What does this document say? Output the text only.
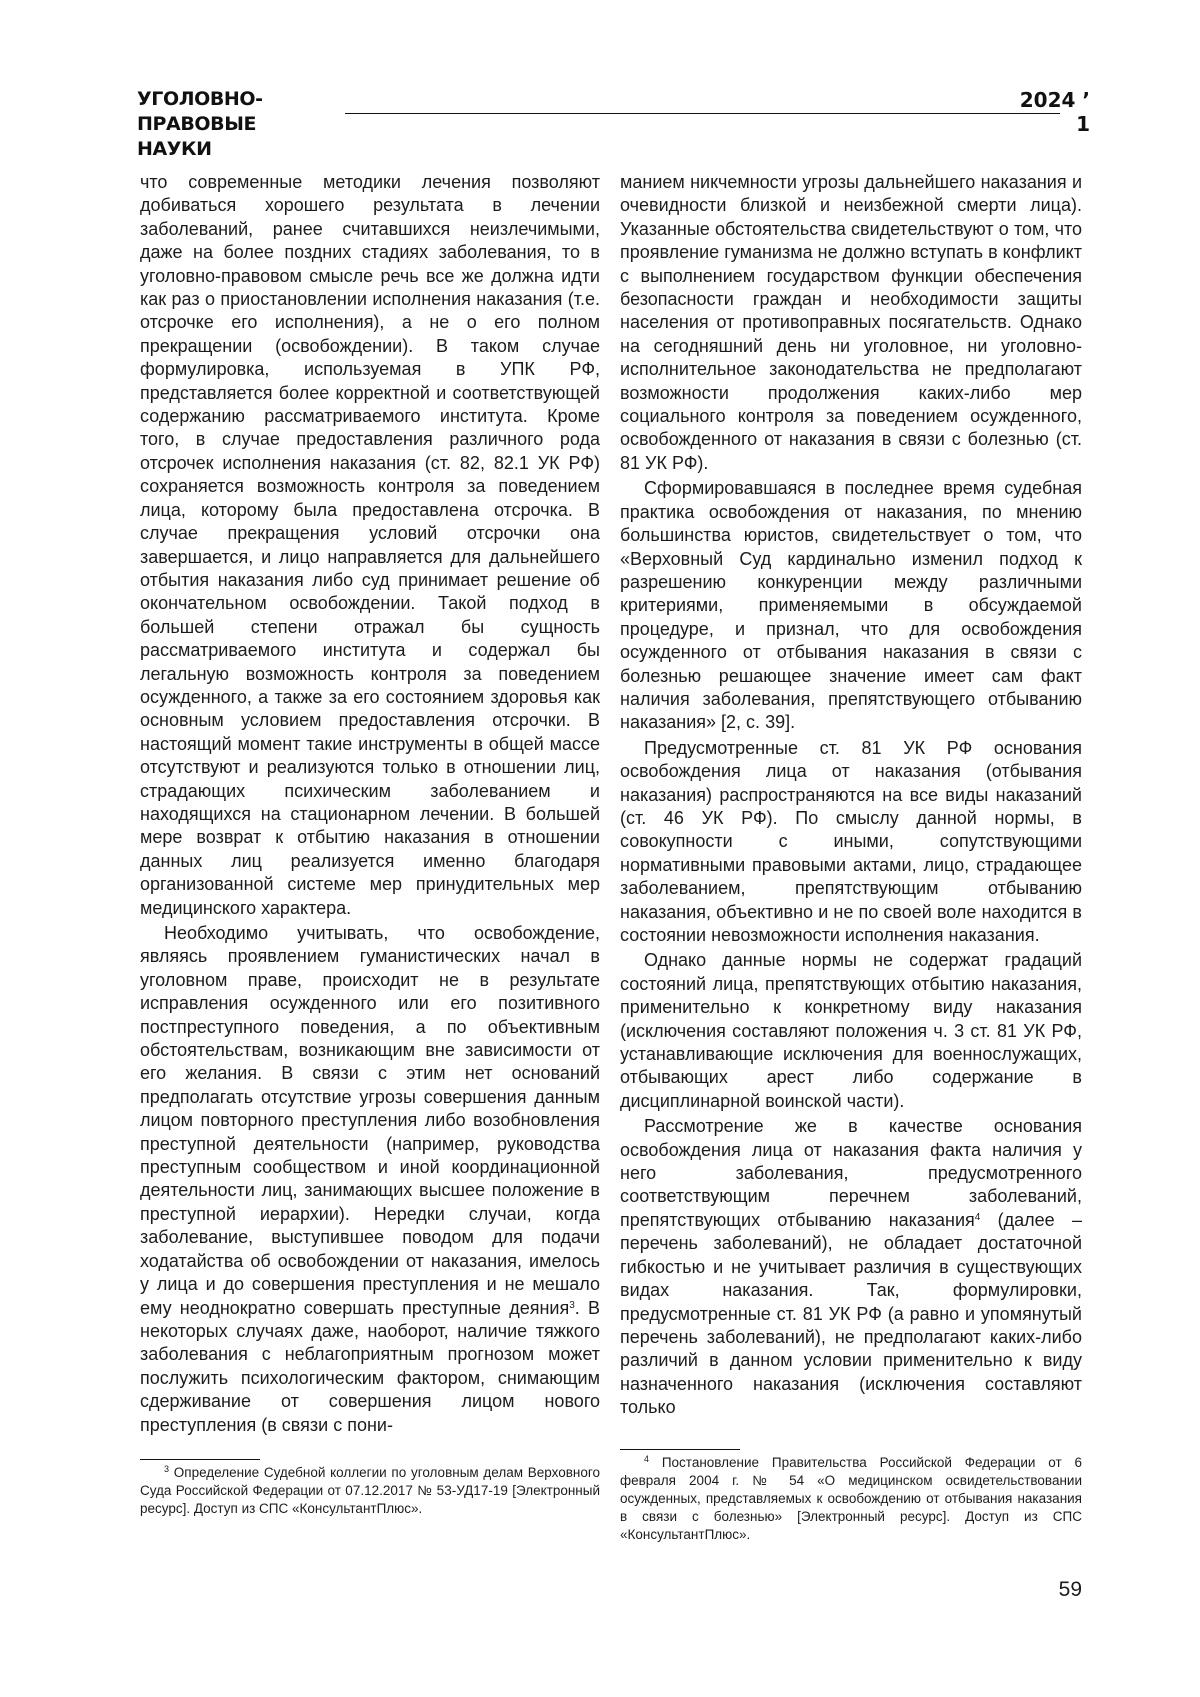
УГОЛОВНО-ПРАВОВЫЕ
НАУКИ
2024 ’ 1

что современные методики лечения позволяют добиваться хорошего результата в лечении заболеваний, ранее считавшихся неизлечимыми, даже на более поздних стадиях заболевания, то в уголовно-правовом смысле речь все же должна идти как раз о приостановлении исполнения наказания (т.е. отсрочке его исполнения), а не о его полном прекращении (освобождении). В таком случае формулировка, используемая в УПК РФ, представляется более корректной и соответствующей содержанию рассматриваемого института. Кроме того, в случае предоставления различного рода отсрочек исполнения наказания (ст. 82, 82.1 УК РФ) сохраняется возможность контроля за поведением лица, которому была предоставлена отсрочка. В случае прекращения условий отсрочки она завершается, и лицо направляется для дальнейшего отбытия наказания либо суд принимает решение об окончательном освобождении. Такой подход в большей степени отражал бы сущность рассматриваемого института и содержал бы легальную возможность контроля за поведением осужденного, а также за его состоянием здоровья как основным условием предоставления отсрочки. В настоящий момент такие инструменты в общей массе отсутствуют и реализуются только в отношении лиц, страдающих психическим заболеванием и находящихся на стационарном лечении. В большей мере возврат к отбытию наказания в отношении данных лиц реализуется именно благодаря организованной системе мер принудительных мер медицинского характера.

Необходимо учитывать, что освобождение, являясь проявлением гуманистических начал в уголовном праве, происходит не в результате исправления осужденного или его позитивного постпреступного поведения, а по объективным обстоятельствам, возникающим вне зависимости от его желания. В связи с этим нет оснований предполагать отсутствие угрозы совершения данным лицом повторного преступления либо возобновления преступной деятельности (например, руководства преступным сообществом и иной координационной деятельности лиц, занимающих высшее положение в преступной иерархии). Нередки случаи, когда заболевание, выступившее поводом для подачи ходатайства об освобождении от наказания, имелось у лица и до совершения преступления и не мешало ему неоднократно совершать преступные деяния$^3$. В некоторых случаях даже, наоборот, наличие тяжкого заболевания с неблагоприятным прогнозом может послужить психологическим фактором, снимающим сдерживание от совершения лицом нового преступления (в связи с пони-

манием никчемности угрозы дальнейшего наказания и очевидности близкой и неизбежной смерти лица). Указанные обстоятельства свидетельствуют о том, что проявление гуманизма не должно вступать в конфликт с выполнением государством функции обеспечения безопасности граждан и необходимости защиты населения от противоправных посягательств. Однако на сегодняшний день ни уголовное, ни уголовно-исполнительное законодательства не предполагают возможности продолжения каких-либо мер социального контроля за поведением осужденного, освобожденного от наказания в связи с болезнью (ст. 81 УК РФ).

Сформировавшаяся в последнее время судебная практика освобождения от наказания, по мнению большинства юристов, свидетельствует о том, что «Верховный Суд кардинально изменил подход к разрешению конкуренции между различными критериями, применяемыми в обсуждаемой процедуре, и признал, что для освобождения осужденного от отбывания наказания в связи с болезнью решающее значение имеет сам факт наличия заболевания, препятствующего отбыванию наказания» [2, с. 39].

Предусмотренные ст. 81 УК РФ основания освобождения лица от наказания (отбывания наказания) распространяются на все виды наказаний (ст. 46 УК РФ). По смыслу данной нормы, в совокупности с иными, сопутствующими нормативными правовыми актами, лицо, страдающее заболеванием, препятствующим отбыванию наказания, объективно и не по своей воле находится в состоянии невозможности исполнения наказания.

Однако данные нормы не содержат градаций состояний лица, препятствующих отбытию наказания, применительно к конкретному виду наказания (исключения составляют положения ч. 3 ст. 81 УК РФ, устанавливающие исключения для военнослужащих, отбывающих арест либо содержание в дисциплинарной воинской части).

Рассмотрение же в качестве основания освобождения лица от наказания факта наличия у него заболевания, предусмотренного соответствующим перечнем заболеваний, препятствующих отбыванию наказания$^4$ (далее – перечень заболеваний), не обладает достаточной гибкостью и не учитывает различия в существующих видах наказания. Так, формулировки, предусмотренные ст. 81 УК РФ (а равно и упомянутый перечень заболеваний), не предполагают каких-либо различий в данном условии применительно к виду назначенного наказания (исключения составляют только

$^3$ Определение Судебной коллегии по уголовным делам Верховного Суда Российской Федерации от 07.12.2017 № 53-УД17-19 [Электронный ресурс]. Доступ из СПС «КонсультантПлюс».
$^4$ Постановление Правительства Российской Федерации от 6 февраля 2004 г. № 54 «О медицинском освидетельствовании осужденных, представляемых к освобождению от отбывания наказания в связи с болезнью» [Электронный ресурс]. Доступ из СПС «КонсультантПлюс».
59
